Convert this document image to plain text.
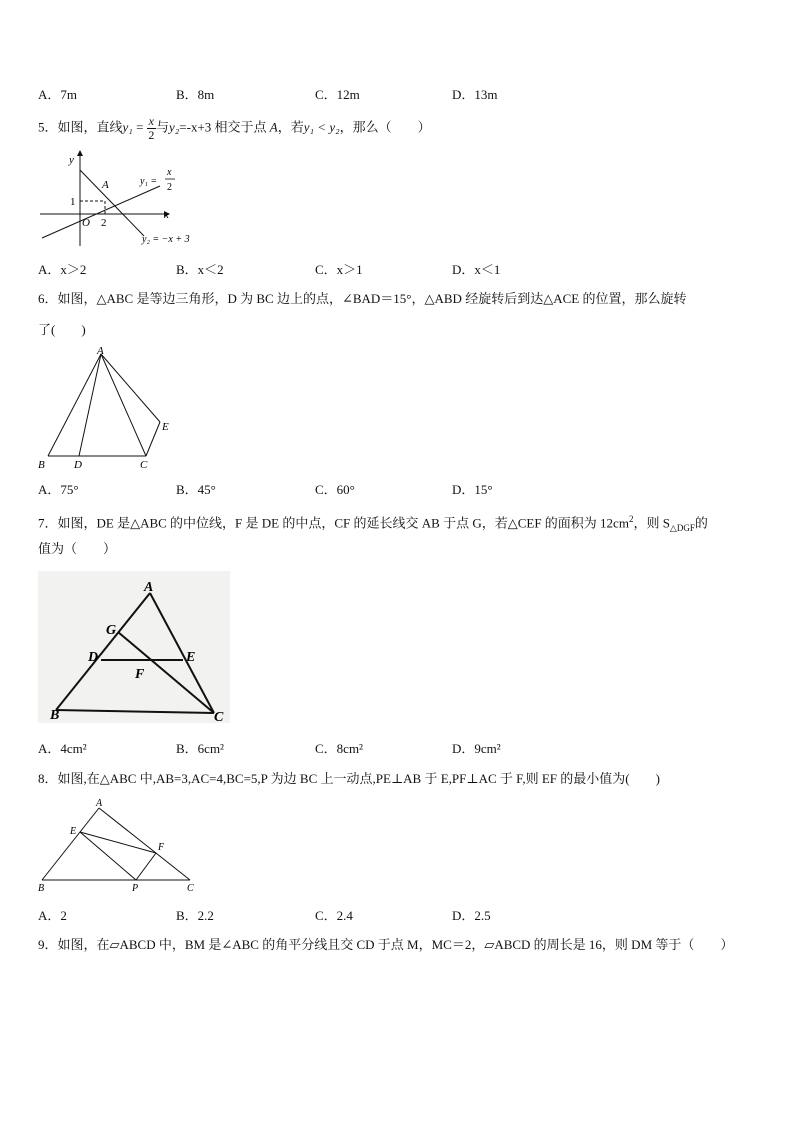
A．7m	B．8m	C．12m	D．13m
5．如图，直线$y_1 = \frac{x}{2}$ 与y₂=-x+3 相交于点 A，若y₁ < y₂，那么（　　）
y
x
O
A
1
2
y₁ =
x
2
y₂ = −x + 3
A．x＞2	B．x＜2	C．x＞1	D．x＜1
6．如图，△ABC 是等边三角形，D 为 BC 边上的点，∠BAD＝15°，△ABD 经旋转后到达△ACE 的位置，那么旋转
了(　　)
A
B	D	C
E
A．75°	B．45°	C．60°	D．15°
7．如图，DE 是△ABC 的中位线，F 是 DE 的中点，CF 的延长线交 AB 于点 G，若△CEF 的面积为 $12cm^2$，则 $S_{\triangle DGF}$的
值为（　　）
A
G
D	E
F
B	C
A．4cm²	B．6cm²	C．8cm²	D．9cm²
8．如图,在△ABC 中,AB=3,AC=4,BC=5,P 为边 BC 上一动点,PE⊥AB 于 E,PF⊥AC 于 F,则 EF 的最小值为(　　)
A
E
F
B	P	C
A．2	B．2.2	C．2.4	D．2.5
9．如图，在▱ABCD 中，BM 是∠ABC 的角平分线且交 CD 于点 M，MC＝2，▱ABCD 的周长是 16，则 DM 等于（　　）
